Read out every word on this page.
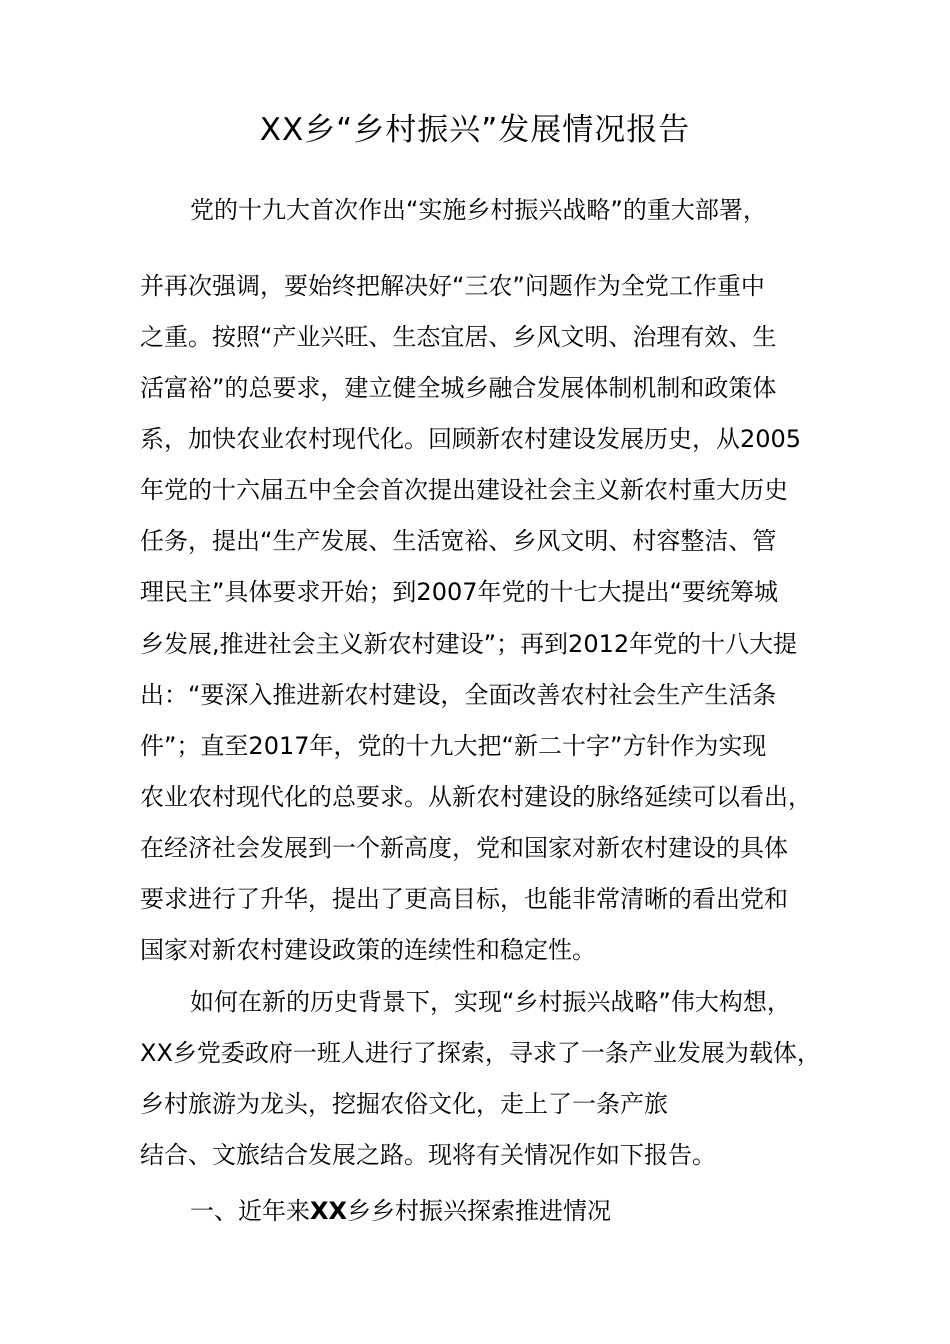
XX乡“乡村振兴”发展情况报告
党的十九大首次作出“实施乡村振兴战略”的重大部署，
并再次强调，要始终把解决好“三农”问题作为全党工作重中
之重。按照“产业兴旺、生态宜居、乡风文明、治理有效、生
活富裕”的总要求，建立健全城乡融合发展体制机制和政策体
系，加快农业农村现代化。回顾新农村建设发展历史，从2005
年党的十六届五中全会首次提出建设社会主义新农村重大历史
任务，提出“生产发展、生活宽裕、乡风文明、村容整洁、管
理民主”具体要求开始；到2007年党的十七大提出“要统筹城
乡发展,推进社会主义新农村建设”；再到2012年党的十八大提
出：“要深入推进新农村建设，全面改善农村社会生产生活条
件”；直至2017年，党的十九大把“新二十字”方针作为实现
农业农村现代化的总要求。从新农村建设的脉络延续可以看出，
在经济社会发展到一个新高度，党和国家对新农村建设的具体
要求进行了升华，提出了更高目标，也能非常清晰的看出党和
国家对新农村建设政策的连续性和稳定性。
如何在新的历史背景下，实现“乡村振兴战略”伟大构想，
XX乡党委政府一班人进行了探索，寻求了一条产业发展为载体，
乡村旅游为龙头，挖掘农俗文化，走上了一条产旅
结合、文旅结合发展之路。现将有关情况作如下报告。
一、近年来XX乡乡村振兴探索推进情况
